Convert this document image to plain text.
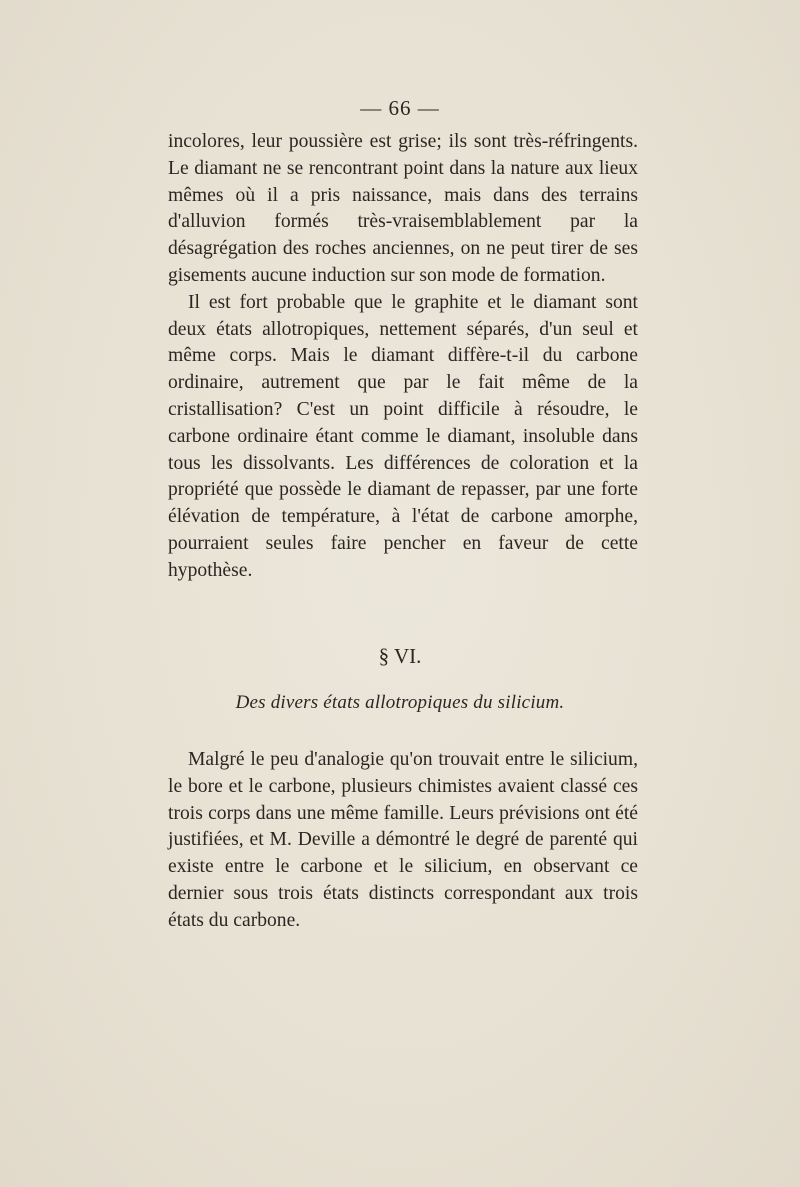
— 66 —

incolores, leur poussière est grise; ils sont très-réfringents. Le diamant ne se rencontrant point dans la nature aux lieux mêmes où il a pris naissance, mais dans des terrains d'alluvion formés très-vraisemblablement par la désagrégation des roches anciennes, on ne peut tirer de ses gisements aucune induction sur son mode de formation.

Il est fort probable que le graphite et le diamant sont deux états allotropiques, nettement séparés, d'un seul et même corps. Mais le diamant diffère-t-il du carbone ordinaire, autrement que par le fait même de la cristallisation? C'est un point difficile à résoudre, le carbone ordinaire étant comme le diamant, insoluble dans tous les dissolvants. Les différences de coloration et la propriété que possède le diamant de repasser, par une forte élévation de température, à l'état de carbone amorphe, pourraient seules faire pencher en faveur de cette hypothèse.

§ VI.
Des divers états allotropiques du silicium.

Malgré le peu d'analogie qu'on trouvait entre le silicium, le bore et le carbone, plusieurs chimistes avaient classé ces trois corps dans une même famille. Leurs prévisions ont été justifiées, et M. Deville a démontré le degré de parenté qui existe entre le carbone et le silicium, en observant ce dernier sous trois états distincts correspondant aux trois états du carbone.
